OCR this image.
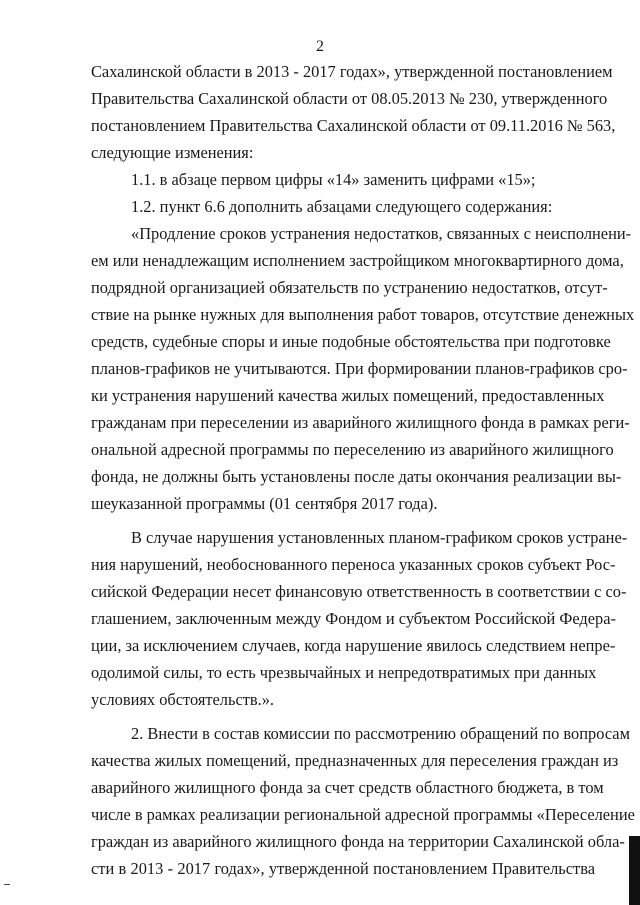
2
Сахалинской области в 2013 - 2017 годах», утвержденной постановлением
Правительства Сахалинской области от 08.05.2013 № 230, утвержденного
постановлением Правительства Сахалинской области от 09.11.2016 № 563,
следующие изменения:
1.1. в абзаце первом цифры «14» заменить цифрами «15»;
1.2. пункт 6.6 дополнить абзацами следующего содержания:
«Продление сроков устранения недостатков, связанных с неисполнени-
ем или ненадлежащим исполнением застройщиком многоквартирного дома,
подрядной организацией обязательств по устранению недостатков, отсут-
ствие на рынке нужных для выполнения работ товаров, отсутствие денежных
средств, судебные споры и иные подобные обстоятельства при подготовке
планов-графиков не учитываются. При формировании планов-графиков сро-
ки устранения нарушений качества жилых помещений, предоставленных
гражданам при переселении из аварийного жилищного фонда в рамках реги-
ональной адресной программы по переселению из аварийного жилищного
фонда, не должны быть установлены после даты окончания реализации вы-
шеуказанной программы (01 сентября 2017 года).
В случае нарушения установленных планом-графиком сроков устране-
ния нарушений, необоснованного переноса указанных сроков субъект Рос-
сийской Федерации несет финансовую ответственность в соответствии с со-
глашением, заключенным между Фондом и субъектом Российской Федера-
ции, за исключением случаев, когда нарушение явилось следствием непре-
одолимой силы, то есть чрезвычайных и непредотвратимых при данных
условиях обстоятельств.».
2. Внести в состав комиссии по рассмотрению обращений по вопросам
качества жилых помещений, предназначенных для переселения граждан из
аварийного жилищного фонда за счет средств областного бюджета, в том
числе в рамках реализации региональной адресной программы «Переселение
граждан из аварийного жилищного фонда на территории Сахалинской обла-
сти в 2013 - 2017 годах», утвержденной постановлением Правительства
